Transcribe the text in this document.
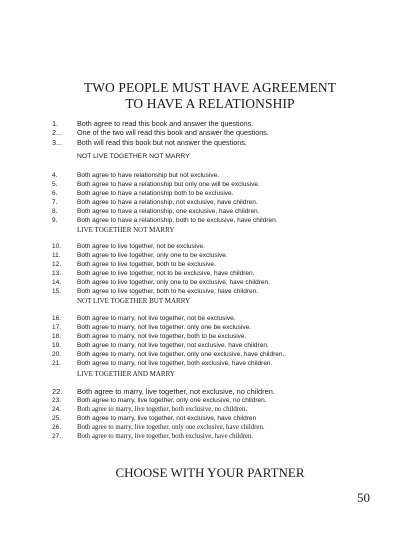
TWO PEOPLE MUST HAVE AGREEMENT
TO HAVE A RELATIONSHIP
1.	Both agree to read this book and answer the questions.
2... One of the two will read this book and answer the questions.
3... Both will read this book but not answer the questions.
NOT LIVE TOGETHER NOT MARRY
4.	Both agree to have relationship but not exclusive.
5.	Both agree to have a relationship but only one will be exclusive.
6.	Both agree to have a relationship both to be exclusive.
7.	Both agree to have a relationship, not exclusive, have children.
8.	Both agree to have a relationship, one exclusive, have children.
9.	Both agree to have a relationship, both to be exclusive, have children.
LIVE TOGETHER NOT MARRY
10. Both agree to live together, not be exclusive.
11.	Both agree to live together, only one to be exclusive.
12. Both agree to live together, both to be exclusive.
13. Both agree to live together, not to be exclusive, have children.
14. Both agree to live together, only one to be exclusive, have children.
15. Both agree to live together, both to he exclusive, have children.
NOT LIVE TOGETHER BUT MARRY
16. Both agree to marry, not live together, not be exclusive.
17. Both agree to marry, not live together. only one be exclusive.
18. Both agree to marry, not live together, both to be exclusive.
19. Both agree to marry, not live together, not exclusive, have children.
20. Both agree to marry, not live together, only one exclusive, have children..
21. Both agree to marry, not live together, both exclusive, have children.
LIVE TOGETHER AND MARRY
22. Both agree to marry, live together, not exclusive, no children.
23. Both agree to marry, live together, only one exclusive, no children.
24. Both agree to marry, live together, both exclusive, no children.
25. Both agree to marry, live together, not exclusive, have children
26. Both agree to marry, live together. only one exclusive, have children.
27. Both agree to marry, live together, both exclusive, have children.
CHOOSE WITH YOUR PARTNER
50
